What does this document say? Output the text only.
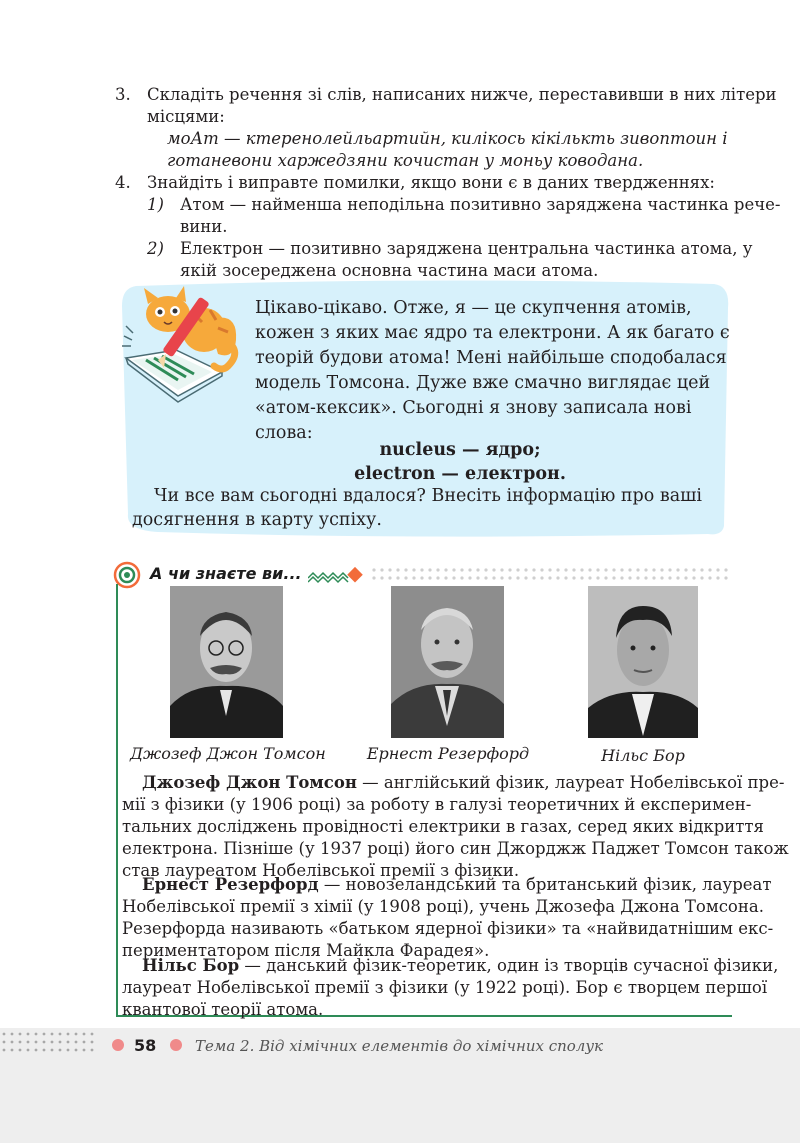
3. Складіть речення зі слів, написаних нижче, переставивши в них літери
місцями:
моАт — ктеренолейльартийн, килікось кікількть зивоптоин і
готаневони харжедзяни кочистан у моньу ководана.
4. Знайдіть і виправте помилки, якщо вони є в даних твердженнях:
1) Атом — найменша неподільна позитивно заряджена частинка рече-
вини.
2) Електрон — позитивно заряджена центральна частинка атома, у
якій зосереджена основна частина маси атома.
Цікаво-цікаво. Отже, я — це скупчення атомів,
кожен з яких має ядро та електрони. А як багато є
теорій будови атома! Мені найбільше сподобалася
модель Томсона. Дуже вже смачно виглядає цей
«атом-кексик». Сьогодні я знову записала нові
слова:
nucleus — ядро;
electron — електрон.
Чи все вам сьогодні вдалося? Внесіть інформацію про ваші
досягнення в карту успіху.
А чи знаєте ви...
Джозеф Джон Томсон	Ернест Резерфорд	Нільс Бор
Джозеф Джон Томсон — англійський фізик, лауреат Нобелівської пре-
мії з фізики (у 1906 році) за роботу в галузі теоретичних й експеримен-
тальних досліджень провідності електрики в газах, серед яких відкриття
електрона. Пізніше (у 1937 році) його син Джорджж Паджет Томсон також
став лауреатом Нобелівської премії з фізики.
Ернест Резерфорд — новозеландський та британський фізик, лауреат
Нобелівської премії з хімії (у 1908 році), учень Джозефа Джона Томсона.
Резерфорда називають «батьком ядерної фізики» та «найвидатнішим екс-
периментатором після Майкла Фарадея».
Нільс Бор — данський фізик-теоретик, один із творців сучасної фізики,
лауреат Нобелівської премії з фізики (у 1922 році). Бор є творцем першої
квантової теорії атома.
58	Тема 2. Від хімічних елементів до хімічних сполук
